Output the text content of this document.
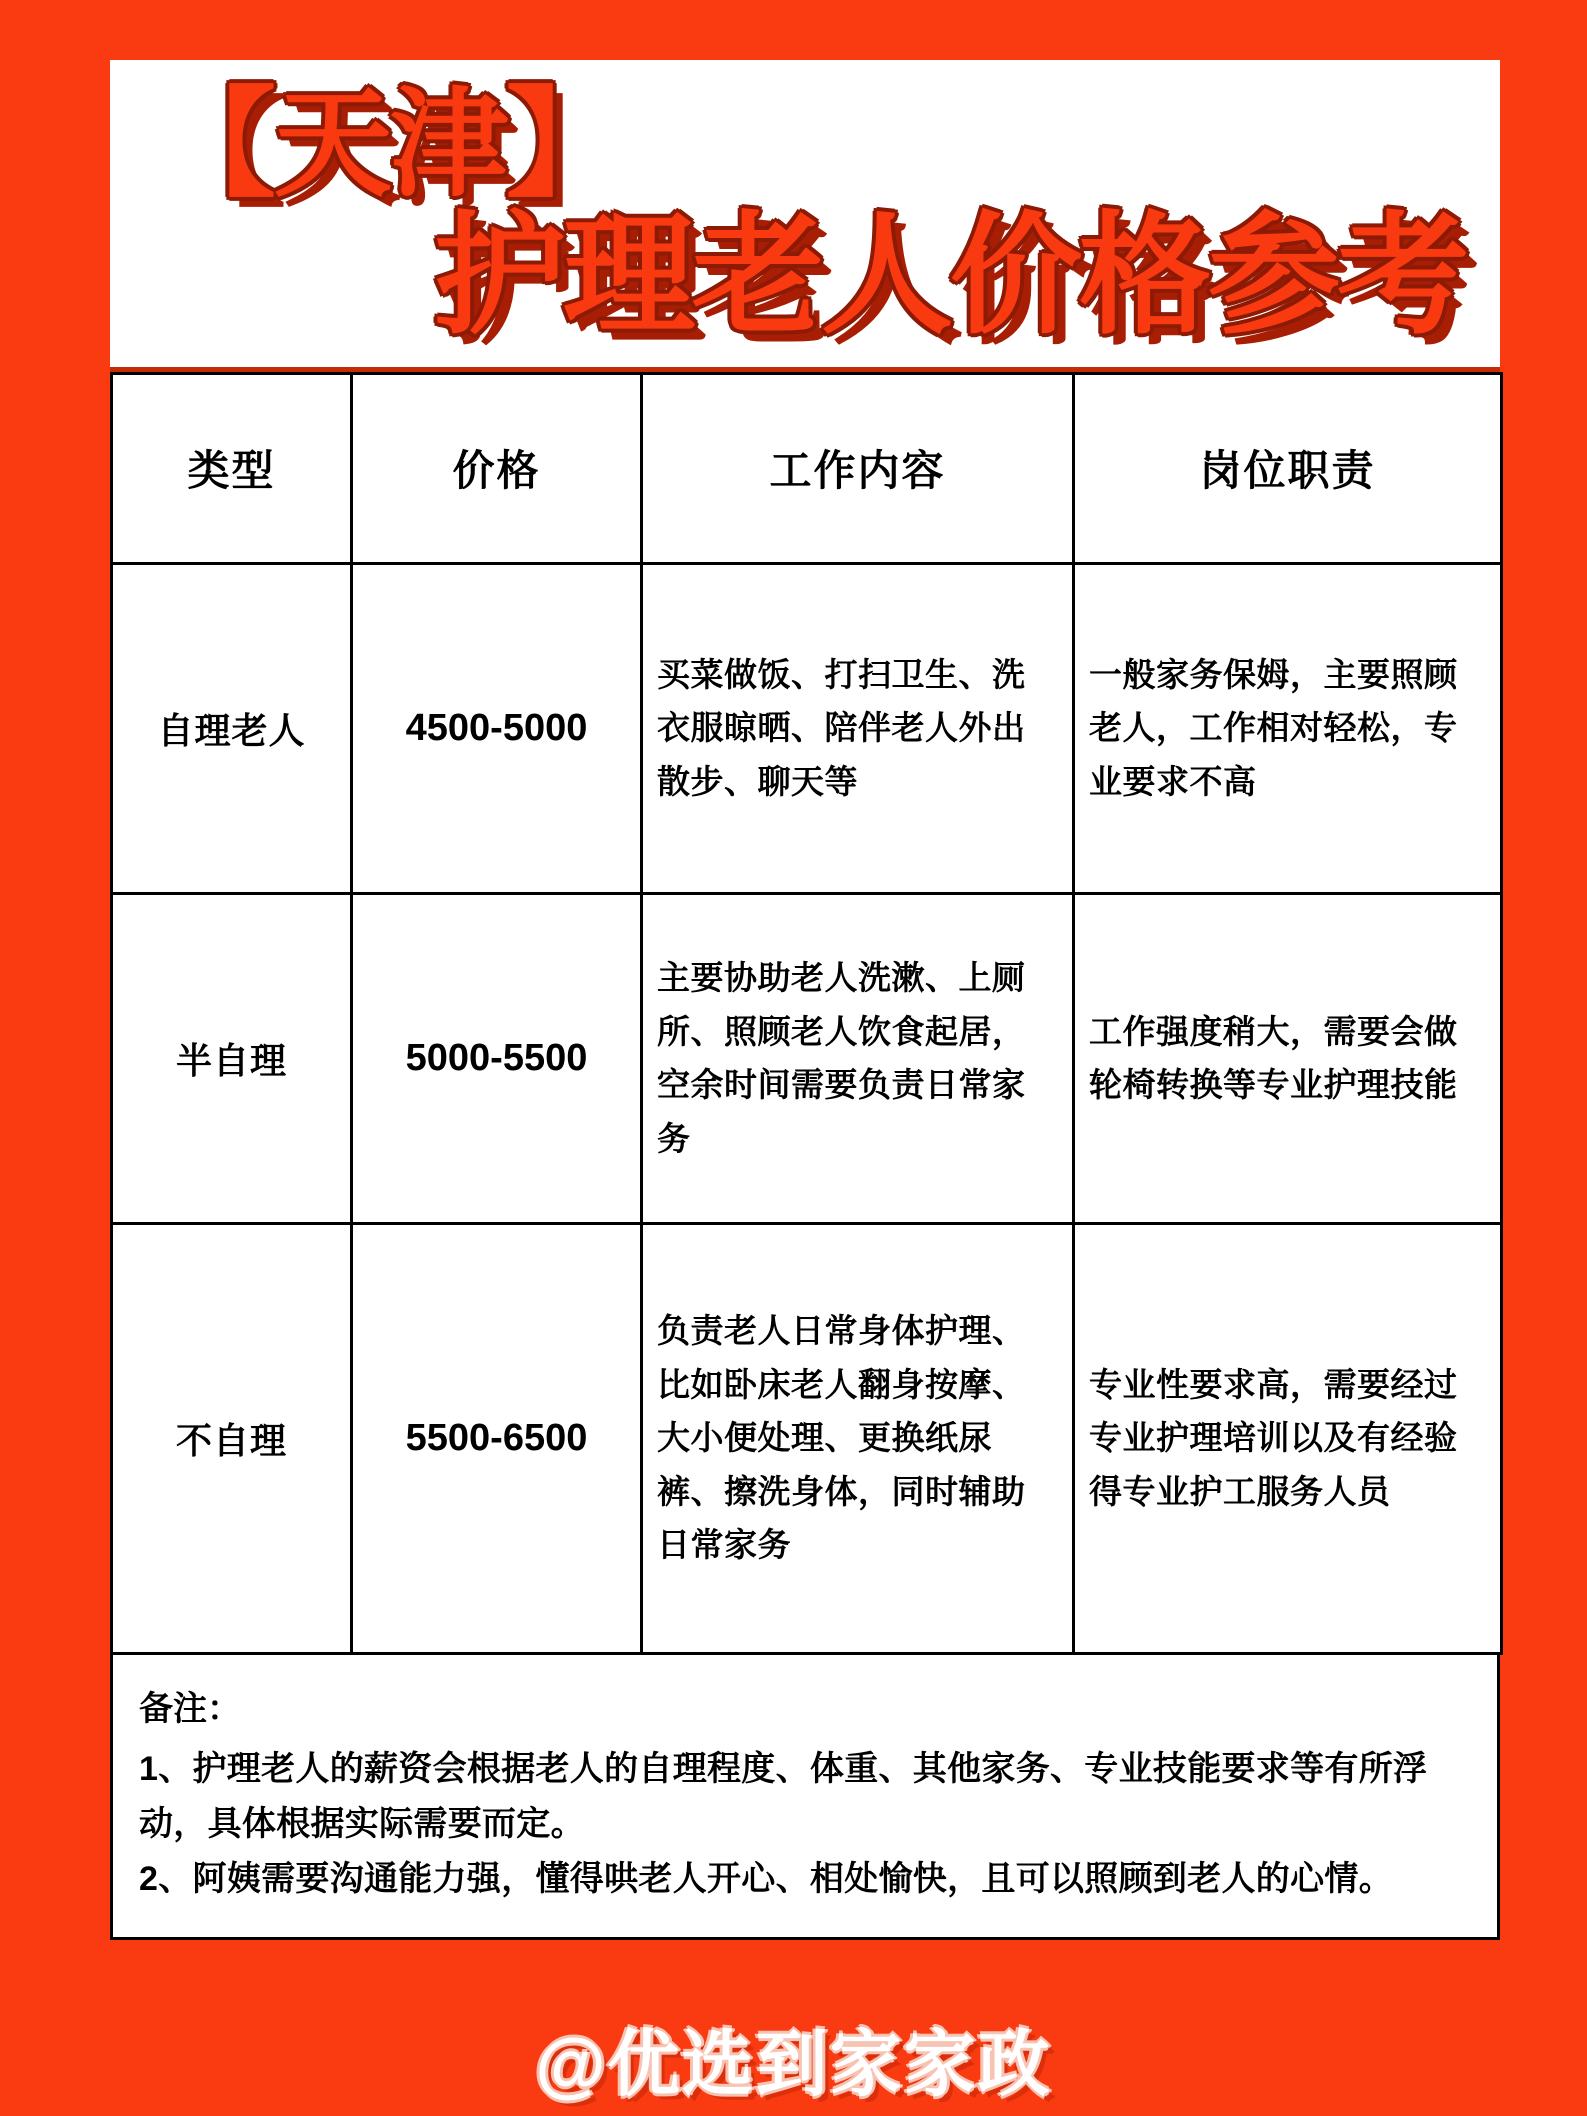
【天津】
护理老人价格参考
类型	价格	工作内容	岗位职责
自理老人	4500-5000	买菜做饭、打扫卫生、洗衣服晾晒、陪伴老人外出散步、聊天等	一般家务保姆，主要照顾老人，工作相对轻松，专业要求不高
半自理	5000-5500	主要协助老人洗漱、上厕所、照顾老人饮食起居，空余时间需要负责日常家务	工作强度稍大，需要会做轮椅转换等专业护理技能
不自理	5500-6500	负责老人日常身体护理、比如卧床老人翻身按摩、大小便处理、更换纸尿裤、擦洗身体，同时辅助日常家务	专业性要求高，需要经过专业护理培训以及有经验得专业护工服务人员
备注：
1、护理老人的薪资会根据老人的自理程度、体重、其他家务、专业技能要求等有所浮动，具体根据实际需要而定。
2、阿姨需要沟通能力强，懂得哄老人开心、相处愉快，且可以照顾到老人的心情。
@优选到家家政
